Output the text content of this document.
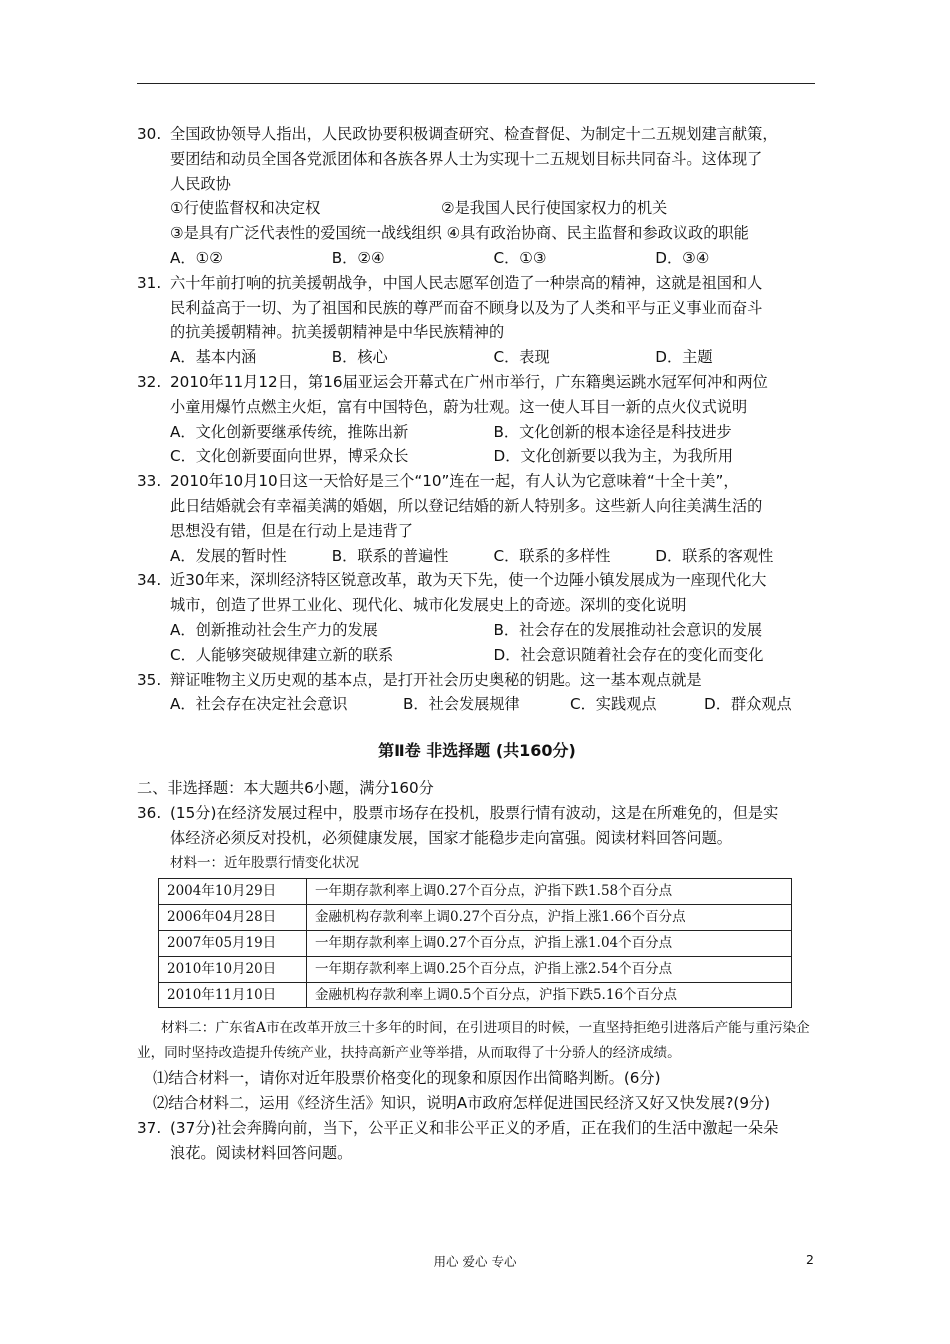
30. 全国政协领导人指出，人民政协要积极调查研究、检查督促、为制定十二五规划建言献策，
要团结和动员全国各党派团体和各族各界人士为实现十二五规划目标共同奋斗。这体现了
人民政协
①行使监督权和决定权	②是我国人民行使国家权力的机关
③是具有广泛代表性的爱国统一战线组织 ④具有政治协商、民主监督和参政议政的职能
A．①②	B．②④	C．①③	D．③④
31. 六十年前打响的抗美援朝战争，中国人民志愿军创造了一种崇高的精神，这就是祖国和人
民利益高于一切、为了祖国和民族的尊严而奋不顾身以及为了人类和平与正义事业而奋斗
的抗美援朝精神。抗美援朝精神是中华民族精神的
A．基本内涵	B．核心	C．表现	D．主题
32. 2010年11月12日，第16届亚运会开幕式在广州市举行，广东籍奥运跳水冠军何冲和两位
小童用爆竹点燃主火炬，富有中国特色，蔚为壮观。这一使人耳目一新的点火仪式说明
A．文化创新要继承传统，推陈出新	B．文化创新的根本途径是科技进步
C．文化创新要面向世界，博采众长	D．文化创新要以我为主，为我所用
33. 2010年10月10日这一天恰好是三个“10”连在一起，有人认为它意味着“十全十美”，
此日结婚就会有幸福美满的婚姻，所以登记结婚的新人特别多。这些新人向往美满生活的
思想没有错，但是在行动上是违背了
A．发展的暂时性	B．联系的普遍性	C．联系的多样性	D．联系的客观性
34. 近30年来，深圳经济特区锐意改革，敢为天下先，使一个边陲小镇发展成为一座现代化大
城市，创造了世界工业化、现代化、城市化发展史上的奇迹。深圳的变化说明
A．创新推动社会生产力的发展	B．社会存在的发展推动社会意识的发展
C．人能够突破规律建立新的联系	D．社会意识随着社会存在的变化而变化
35. 辩证唯物主义历史观的基本点，是打开社会历史奥秘的钥匙。这一基本观点就是
A．社会存在决定社会意识	B．社会发展规律	C．实践观点	D．群众观点
第Ⅱ卷 非选择题 (共160分)
二、非选择题：本大题共6小题，满分160分
36. (15分)在经济发展过程中，股票市场存在投机，股票行情有波动，这是在所难免的，但是实
体经济必须反对投机，必须健康发展，国家才能稳步走向富强。阅读材料回答问题。
材料一：近年股票行情变化状况
2004年10月29日	一年期存款利率上调0.27个百分点，沪指下跌1.58个百分点
2006年04月28日	金融机构存款利率上调0.27个百分点，沪指上涨1.66个百分点
2007年05月19日	一年期存款利率上调0.27个百分点，沪指上涨1.04个百分点
2010年10月20日	一年期存款利率上调0.25个百分点，沪指上涨2.54个百分点
2010年11月10日	金融机构存款利率上调0.5个百分点，沪指下跌5.16个百分点
材料二：广东省A市在改革开放三十多年的时间，在引进项目的时候，一直坚持拒绝引进落后产能与重污染企业，同时坚持改造提升传统产业，扶持高新产业等举措，从而取得了十分骄人的经济成绩。
⑴结合材料一，请你对近年股票价格变化的现象和原因作出简略判断。(6分)
⑵结合材料二，运用《经济生活》知识，说明A市政府怎样促进国民经济又好又快发展?(9分)
37. (37分)社会奔腾向前，当下，公平正义和非公平正义的矛盾，正在我们的生活中激起一朵朵
浪花。阅读材料回答问题。
用心 爱心 专心	2
